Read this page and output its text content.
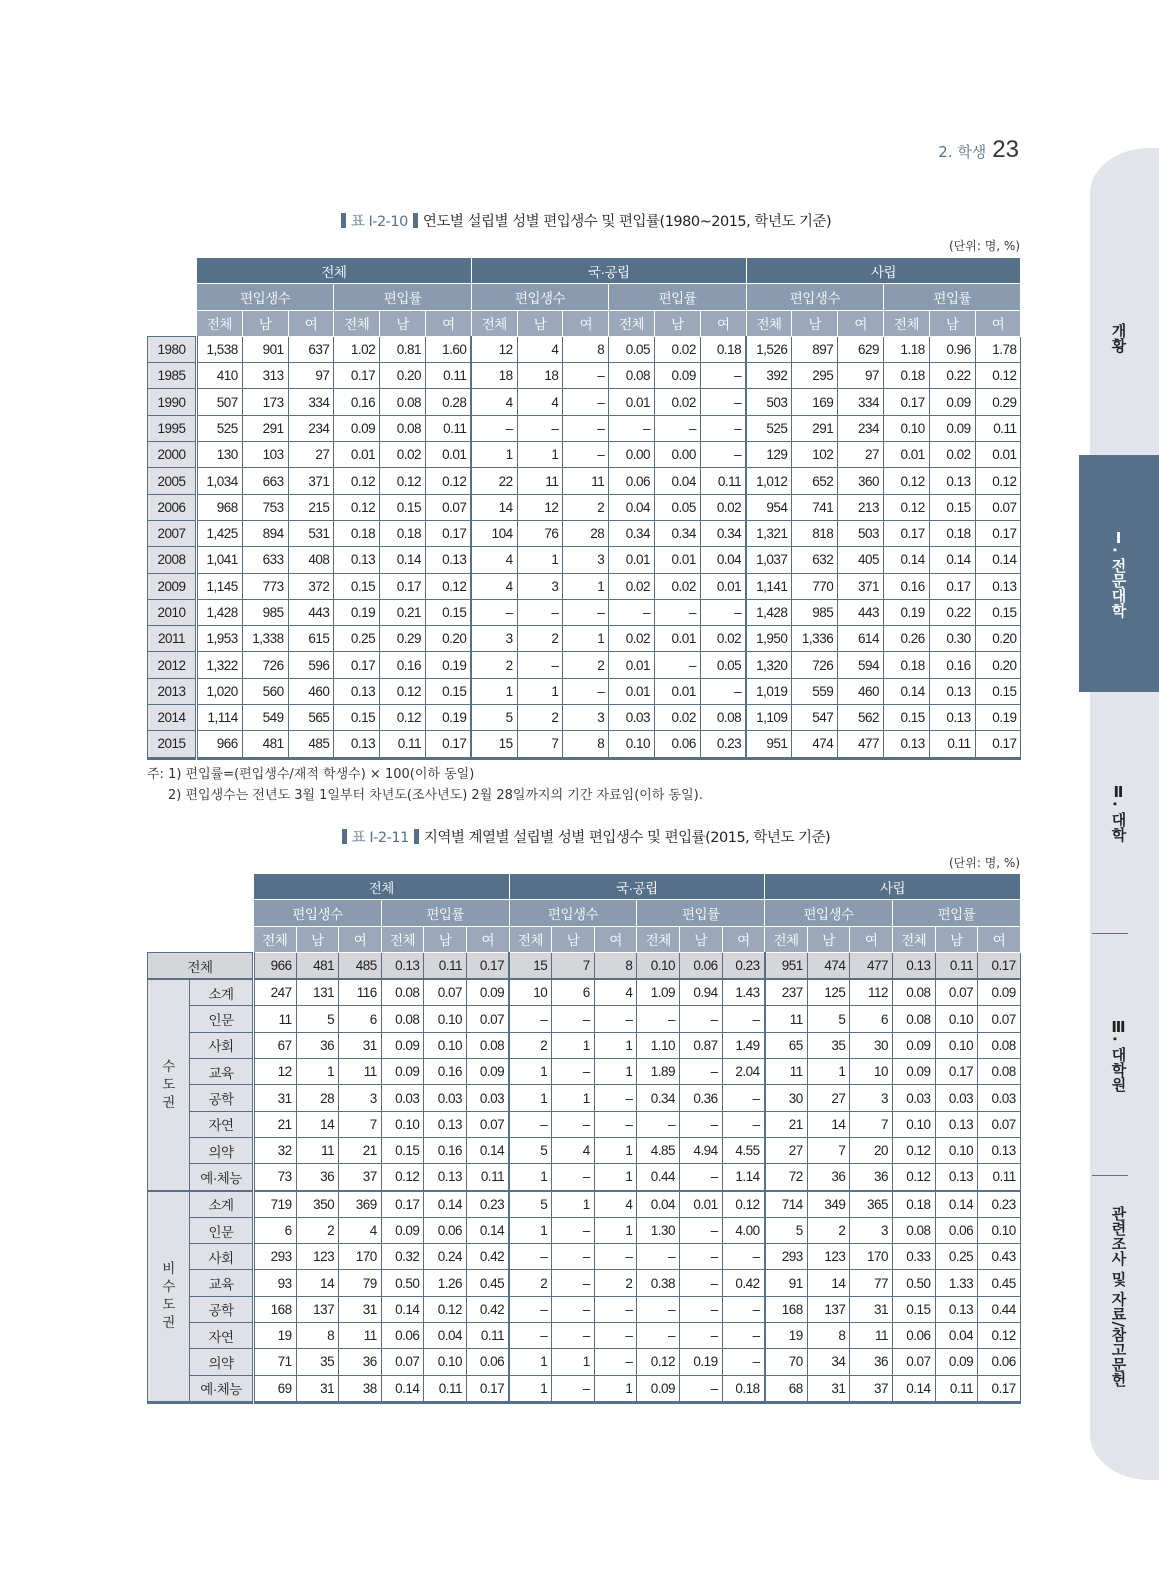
2. 학생 23
개황
Ⅰ. 전문대학
Ⅱ. 대학
Ⅲ. 대학원
관련조사 및 자료/참고문헌
표 Ⅰ-2-10 연도별 설립별 성별 편입생수 및 편입률(1980~2015, 학년도 기준)
(단위: 명, %)
	전체						국·공립						사립					
	편입생수			편입률			편입생수			편입률			편입생수			편입률		
	전체	남	여	전체	남	여	전체	남	여	전체	남	여	전체	남	여	전체	남	여
1980	1,538	901	637	1.02	0.81	1.60	12	4	8	0.05	0.02	0.18	1,526	897	629	1.18	0.96	1.78
1985	410	313	97	0.17	0.20	0.11	18	18	–	0.08	0.09	–	392	295	97	0.18	0.22	0.12
1990	507	173	334	0.16	0.08	0.28	4	4	–	0.01	0.02	–	503	169	334	0.17	0.09	0.29
1995	525	291	234	0.09	0.08	0.11	–	–	–	–	–	–	525	291	234	0.10	0.09	0.11
2000	130	103	27	0.01	0.02	0.01	1	1	–	0.00	0.00	–	129	102	27	0.01	0.02	0.01
2005	1,034	663	371	0.12	0.12	0.12	22	11	11	0.06	0.04	0.11	1,012	652	360	0.12	0.13	0.12
2006	968	753	215	0.12	0.15	0.07	14	12	2	0.04	0.05	0.02	954	741	213	0.12	0.15	0.07
2007	1,425	894	531	0.18	0.18	0.17	104	76	28	0.34	0.34	0.34	1,321	818	503	0.17	0.18	0.17
2008	1,041	633	408	0.13	0.14	0.13	4	1	3	0.01	0.01	0.04	1,037	632	405	0.14	0.14	0.14
2009	1,145	773	372	0.15	0.17	0.12	4	3	1	0.02	0.02	0.01	1,141	770	371	0.16	0.17	0.13
2010	1,428	985	443	0.19	0.21	0.15	–	–	–	–	–	–	1,428	985	443	0.19	0.22	0.15
2011	1,953	1,338	615	0.25	0.29	0.20	3	2	1	0.02	0.01	0.02	1,950	1,336	614	0.26	0.30	0.20
2012	1,322	726	596	0.17	0.16	0.19	2	–	2	0.01	–	0.05	1,320	726	594	0.18	0.16	0.20
2013	1,020	560	460	0.13	0.12	0.15	1	1	–	0.01	0.01	–	1,019	559	460	0.14	0.13	0.15
2014	1,114	549	565	0.15	0.12	0.19	5	2	3	0.03	0.02	0.08	1,109	547	562	0.15	0.13	0.19
2015	966	481	485	0.13	0.11	0.17	15	7	8	0.10	0.06	0.23	951	474	477	0.13	0.11	0.17
주: 1) 편입률=(편입생수/재적 학생수) × 100(이하 동일)
2) 편입생수는 전년도 3월 1일부터 차년도(조사년도) 2월 28일까지의 기간 자료임(이하 동일).
표 Ⅰ-2-11 지역별 계열별 설립별 성별 편입생수 및 편입률(2015, 학년도 기준)
(단위: 명, %)
		전체						국·공립						사립					
		편입생수			편입률			편입생수			편입률			편입생수			편입률		
		전체	남	여	전체	남	여	전체	남	여	전체	남	여	전체	남	여	전체	남	여
전체		966	481	485	0.13	0.11	0.17	15	7	8	0.10	0.06	0.23	951	474	477	0.13	0.11	0.17
수도권	소계	247	131	116	0.08	0.07	0.09	10	6	4	1.09	0.94	1.43	237	125	112	0.08	0.07	0.09
	인문	11	5	6	0.08	0.10	0.07	–	–	–	–	–	–	11	5	6	0.08	0.10	0.07
	사회	67	36	31	0.09	0.10	0.08	2	1	1	1.10	0.87	1.49	65	35	30	0.09	0.10	0.08
	교육	12	1	11	0.09	0.16	0.09	1	–	1	1.89	–	2.04	11	1	10	0.09	0.17	0.08
	공학	31	28	3	0.03	0.03	0.03	1	1	–	0.34	0.36	–	30	27	3	0.03	0.03	0.03
	자연	21	14	7	0.10	0.13	0.07	–	–	–	–	–	–	21	14	7	0.10	0.13	0.07
	의약	32	11	21	0.15	0.16	0.14	5	4	1	4.85	4.94	4.55	27	7	20	0.12	0.10	0.13
	예·체능	73	36	37	0.12	0.13	0.11	1	–	1	0.44	–	1.14	72	36	36	0.12	0.13	0.11
비수도권	소계	719	350	369	0.17	0.14	0.23	5	1	4	0.04	0.01	0.12	714	349	365	0.18	0.14	0.23
	인문	6	2	4	0.09	0.06	0.14	1	–	1	1.30	–	4.00	5	2	3	0.08	0.06	0.10
	사회	293	123	170	0.32	0.24	0.42	–	–	–	–	–	–	293	123	170	0.33	0.25	0.43
	교육	93	14	79	0.50	1.26	0.45	2	–	2	0.38	–	0.42	91	14	77	0.50	1.33	0.45
	공학	168	137	31	0.14	0.12	0.42	–	–	–	–	–	–	168	137	31	0.15	0.13	0.44
	자연	19	8	11	0.06	0.04	0.11	–	–	–	–	–	–	19	8	11	0.06	0.04	0.12
	의약	71	35	36	0.07	0.10	0.06	1	1	–	0.12	0.19	–	70	34	36	0.07	0.09	0.06
	예·체능	69	31	38	0.14	0.11	0.17	1	–	1	0.09	–	0.18	68	31	37	0.14	0.11	0.17
